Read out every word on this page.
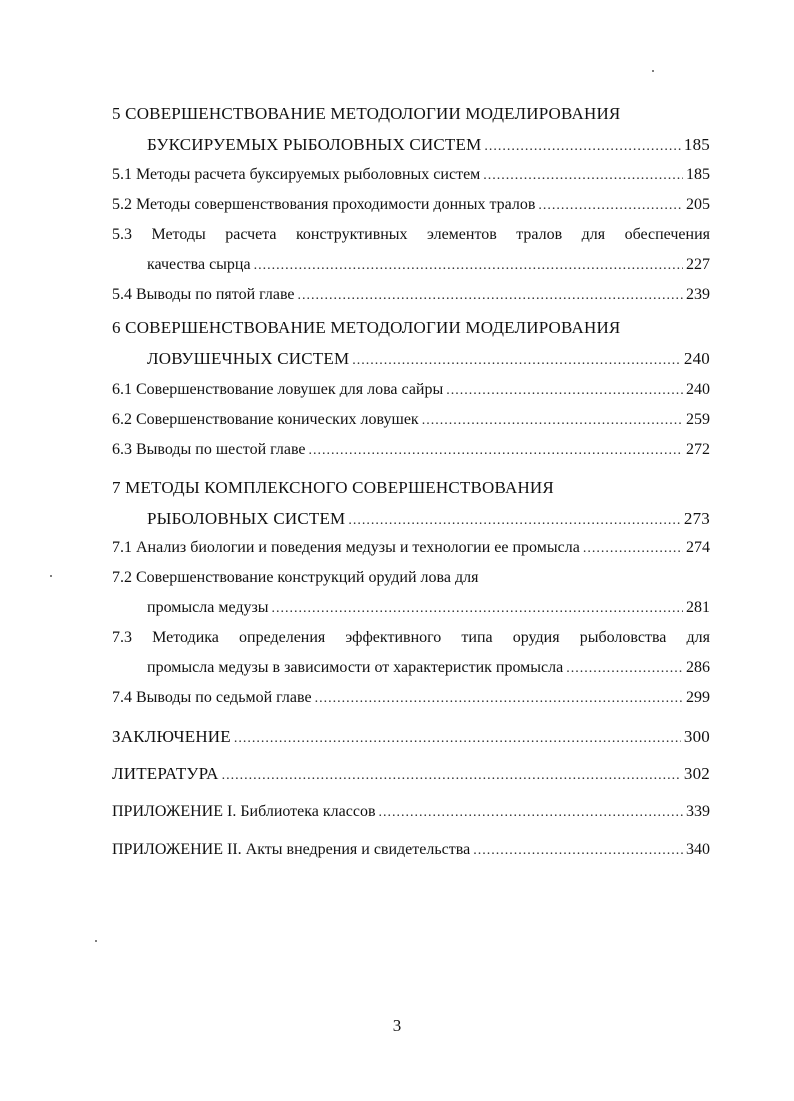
5 СОВЕРШЕНСТВОВАНИЕ МЕТОДОЛОГИИ МОДЕЛИРОВАНИЯ
БУКСИРУЕМЫХ РЫБОЛОВНЫХ СИСТЕМ .....	185
5.1 Методы расчета буксируемых рыболовных систем .....	185
5.2 Методы совершенствования проходимости донных тралов .....	205
5.3 Методы расчета конструктивных элементов тралов для обеспечения
качества сырца .....	227
5.4 Выводы по пятой главе .....	239
6 СОВЕРШЕНСТВОВАНИЕ МЕТОДОЛОГИИ МОДЕЛИРОВАНИЯ
ЛОВУШЕЧНЫХ СИСТЕМ .....	240
6.1 Совершенствование ловушек для лова сайры .....	240
6.2 Совершенствование конических ловушек .....	259
6.3 Выводы по шестой главе .....	272
7 МЕТОДЫ КОМПЛЕКСНОГО СОВЕРШЕНСТВОВАНИЯ
РЫБОЛОВНЫХ СИСТЕМ .....	273
7.1 Анализ биологии и поведения медузы и технологии ее промысла .....	274
7.2 Совершенствование конструкций орудий лова для
промысла медузы .....	281
7.3 Методика определения эффективного типа орудия рыболовства для
промысла медузы в зависимости от характеристик промысла .....	286
7.4 Выводы по седьмой главе .....	299
ЗАКЛЮЧЕНИЕ .....	300
ЛИТЕРАТУРА .....	302
ПРИЛОЖЕНИЕ I. Библиотека классов .....	339
ПРИЛОЖЕНИЕ II. Акты внедрения и свидетельства .....	340
3
